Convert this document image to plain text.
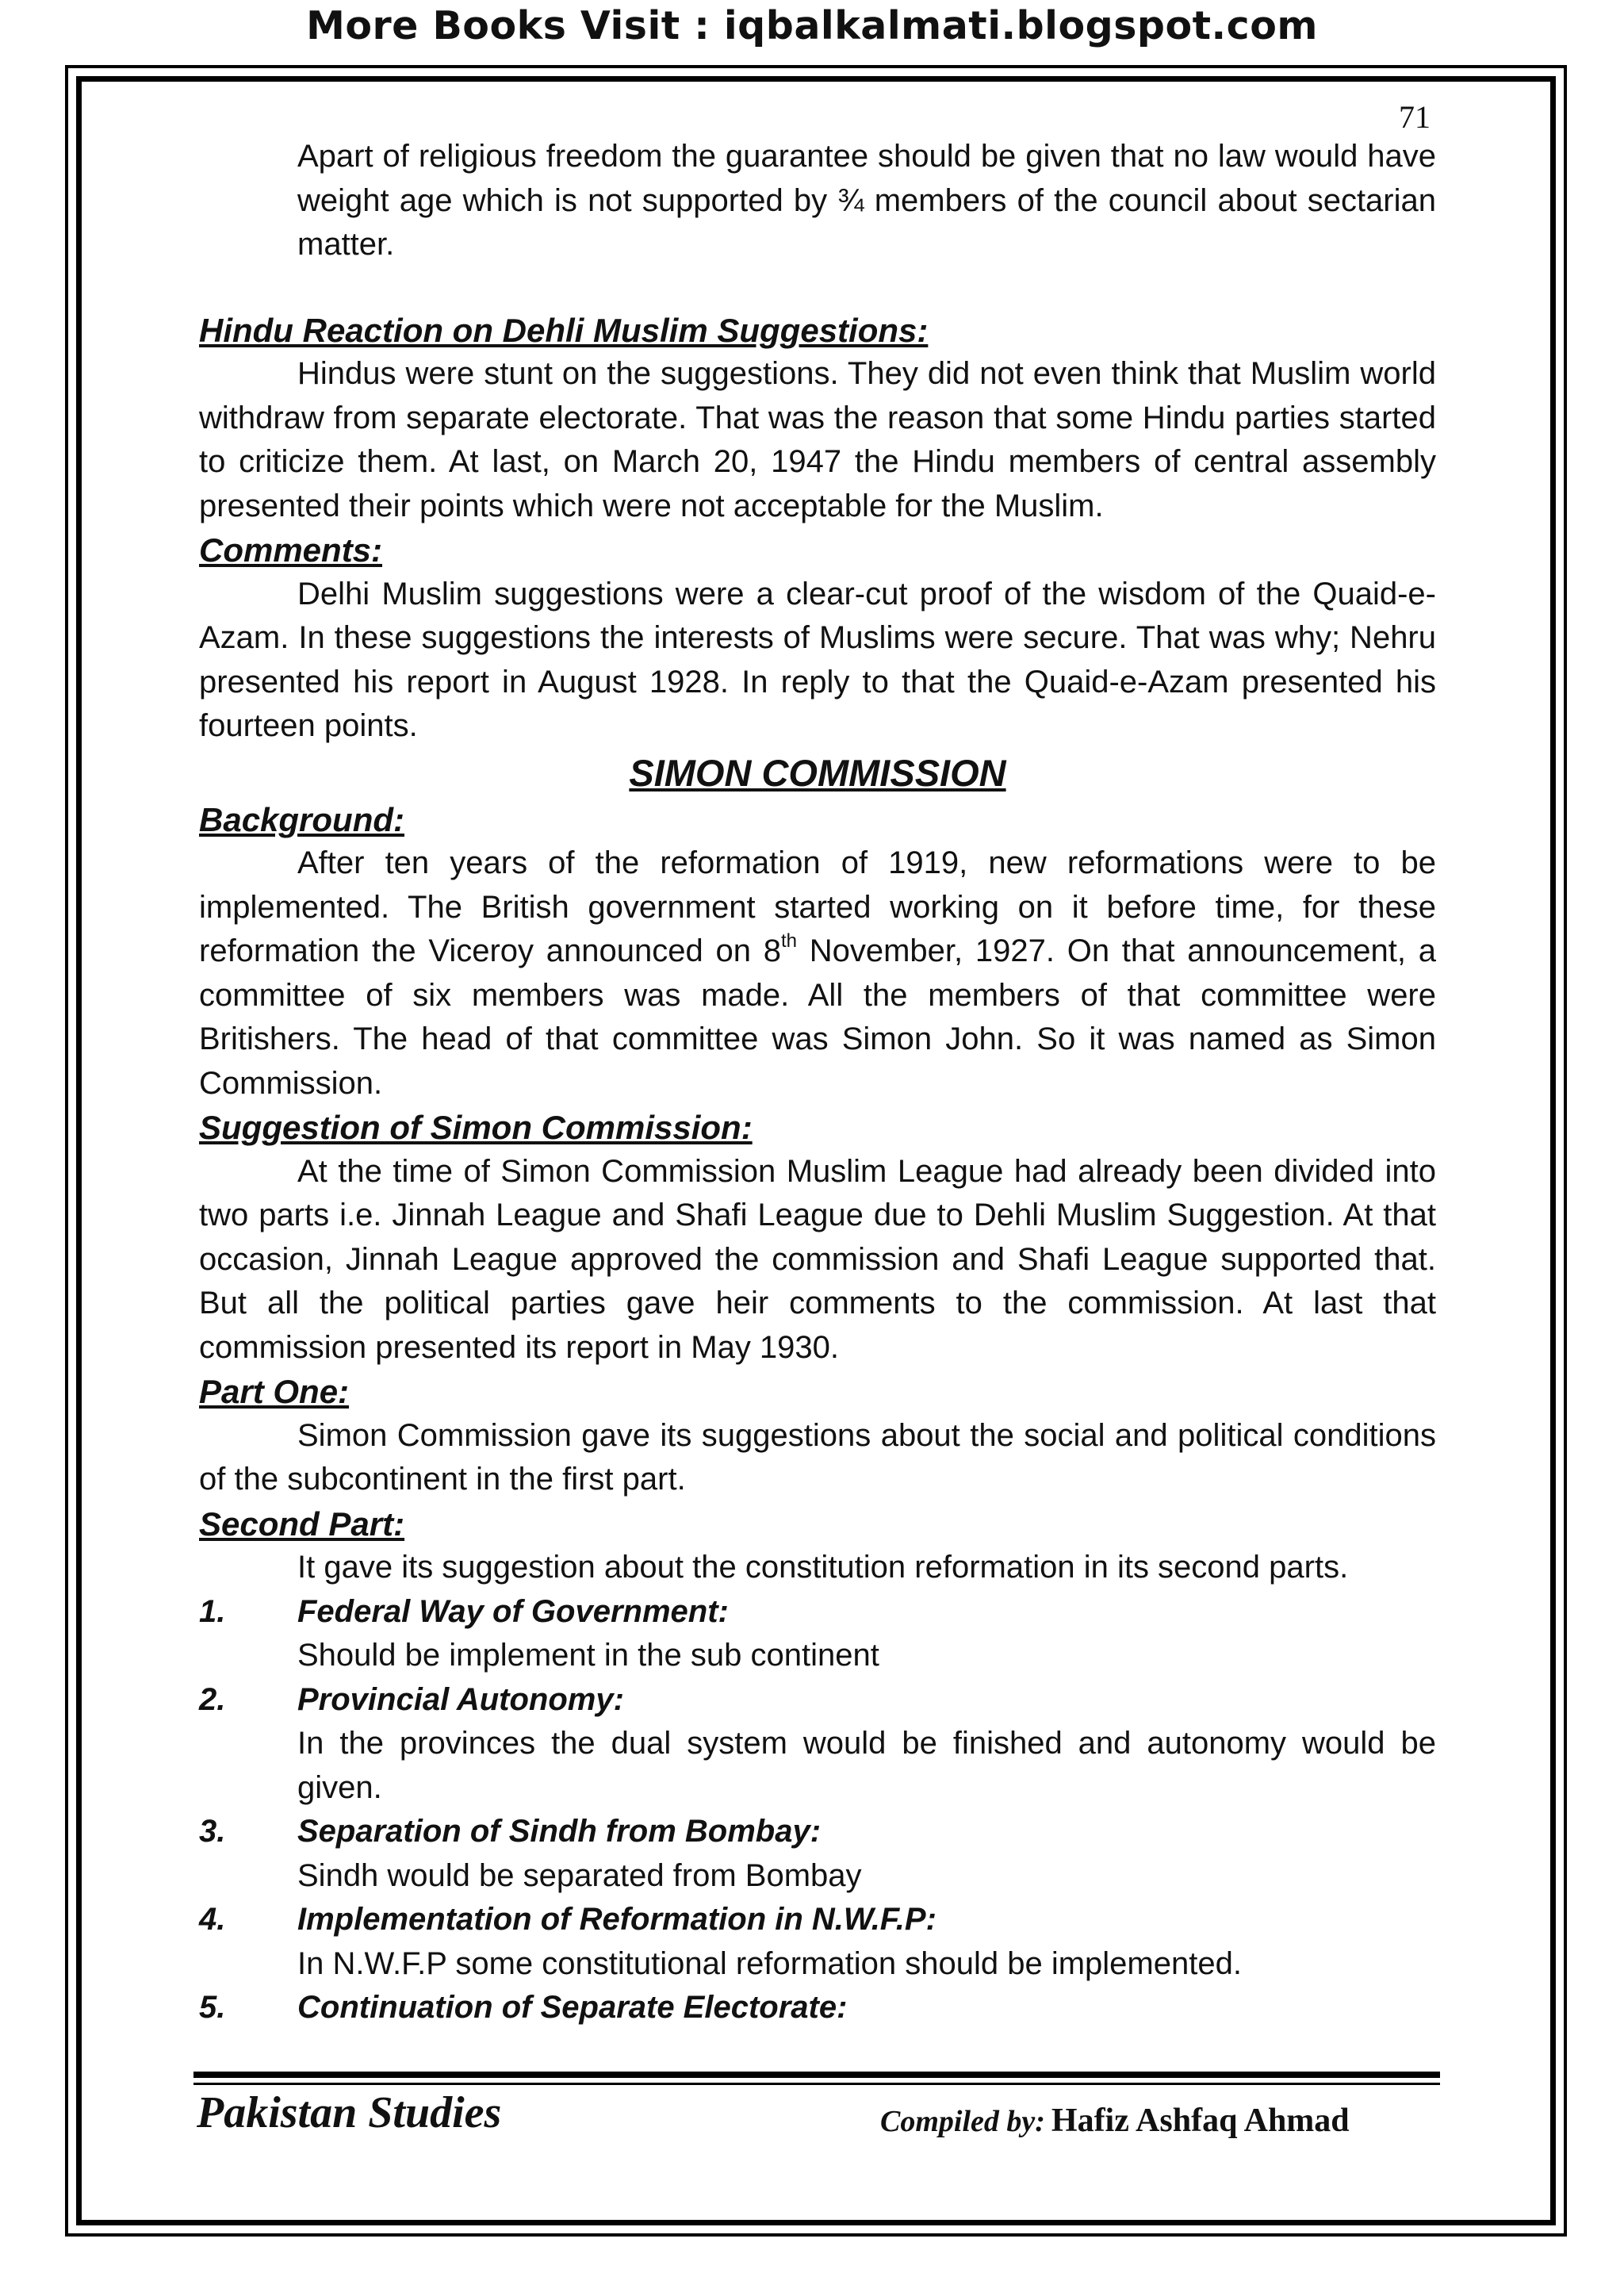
More Books Visit : iqbalkalmati.blogspot.com
71

Apart of religious freedom the guarantee should be given that no law would have weight age which is not supported by ¾ members of the council about sectarian matter.

Hindu Reaction on Dehli Muslim Suggestions:

Hindus were stunt on the suggestions. They did not even think that Muslim world withdraw from separate electorate. That was the reason that some Hindu parties started to criticize them. At last, on March 20, 1947 the Hindu members of central assembly presented their points which were not acceptable for the Muslim.

Comments:

Delhi Muslim suggestions were a clear-cut proof of the wisdom of the Quaid-e-Azam. In these suggestions the interests of Muslims were secure. That was why; Nehru presented his report in August 1928. In reply to that the Quaid-e-Azam presented his fourteen points.

SIMON COMMISSION

Background:

After ten years of the reformation of 1919, new reformations were to be implemented. The British government started working on it before time, for these reformation the Viceroy announced on 8th November, 1927. On that announcement, a committee of six members was made. All the members of that committee were Britishers. The head of that committee was Simon John. So it was named as Simon Commission.

Suggestion of Simon Commission:

At the time of Simon Commission Muslim League had already been divided into two parts i.e. Jinnah League and Shafi League due to Dehli Muslim Suggestion. At that occasion, Jinnah League approved the commission and Shafi League supported that. But all the political parties gave heir comments to the commission. At last that commission presented its report in May 1930.

Part One:

Simon Commission gave its suggestions about the social and political conditions of the subcontinent in the first part.

Second Part:

It gave its suggestion about the constitution reformation in its second parts.

1.	Federal Way of Government:

Should be implement in the sub continent

2.	Provincial Autonomy:

In the provinces the dual system would be finished and autonomy would be given.

3.	Separation of Sindh from Bombay:

Sindh would be separated from Bombay

4.	Implementation of Reformation in N.W.F.P:

In N.W.F.P some constitutional reformation should be implemented.

5.	Continuation of Separate Electorate:

Pakistan Studies	Compiled by: Hafiz Ashfaq Ahmad
